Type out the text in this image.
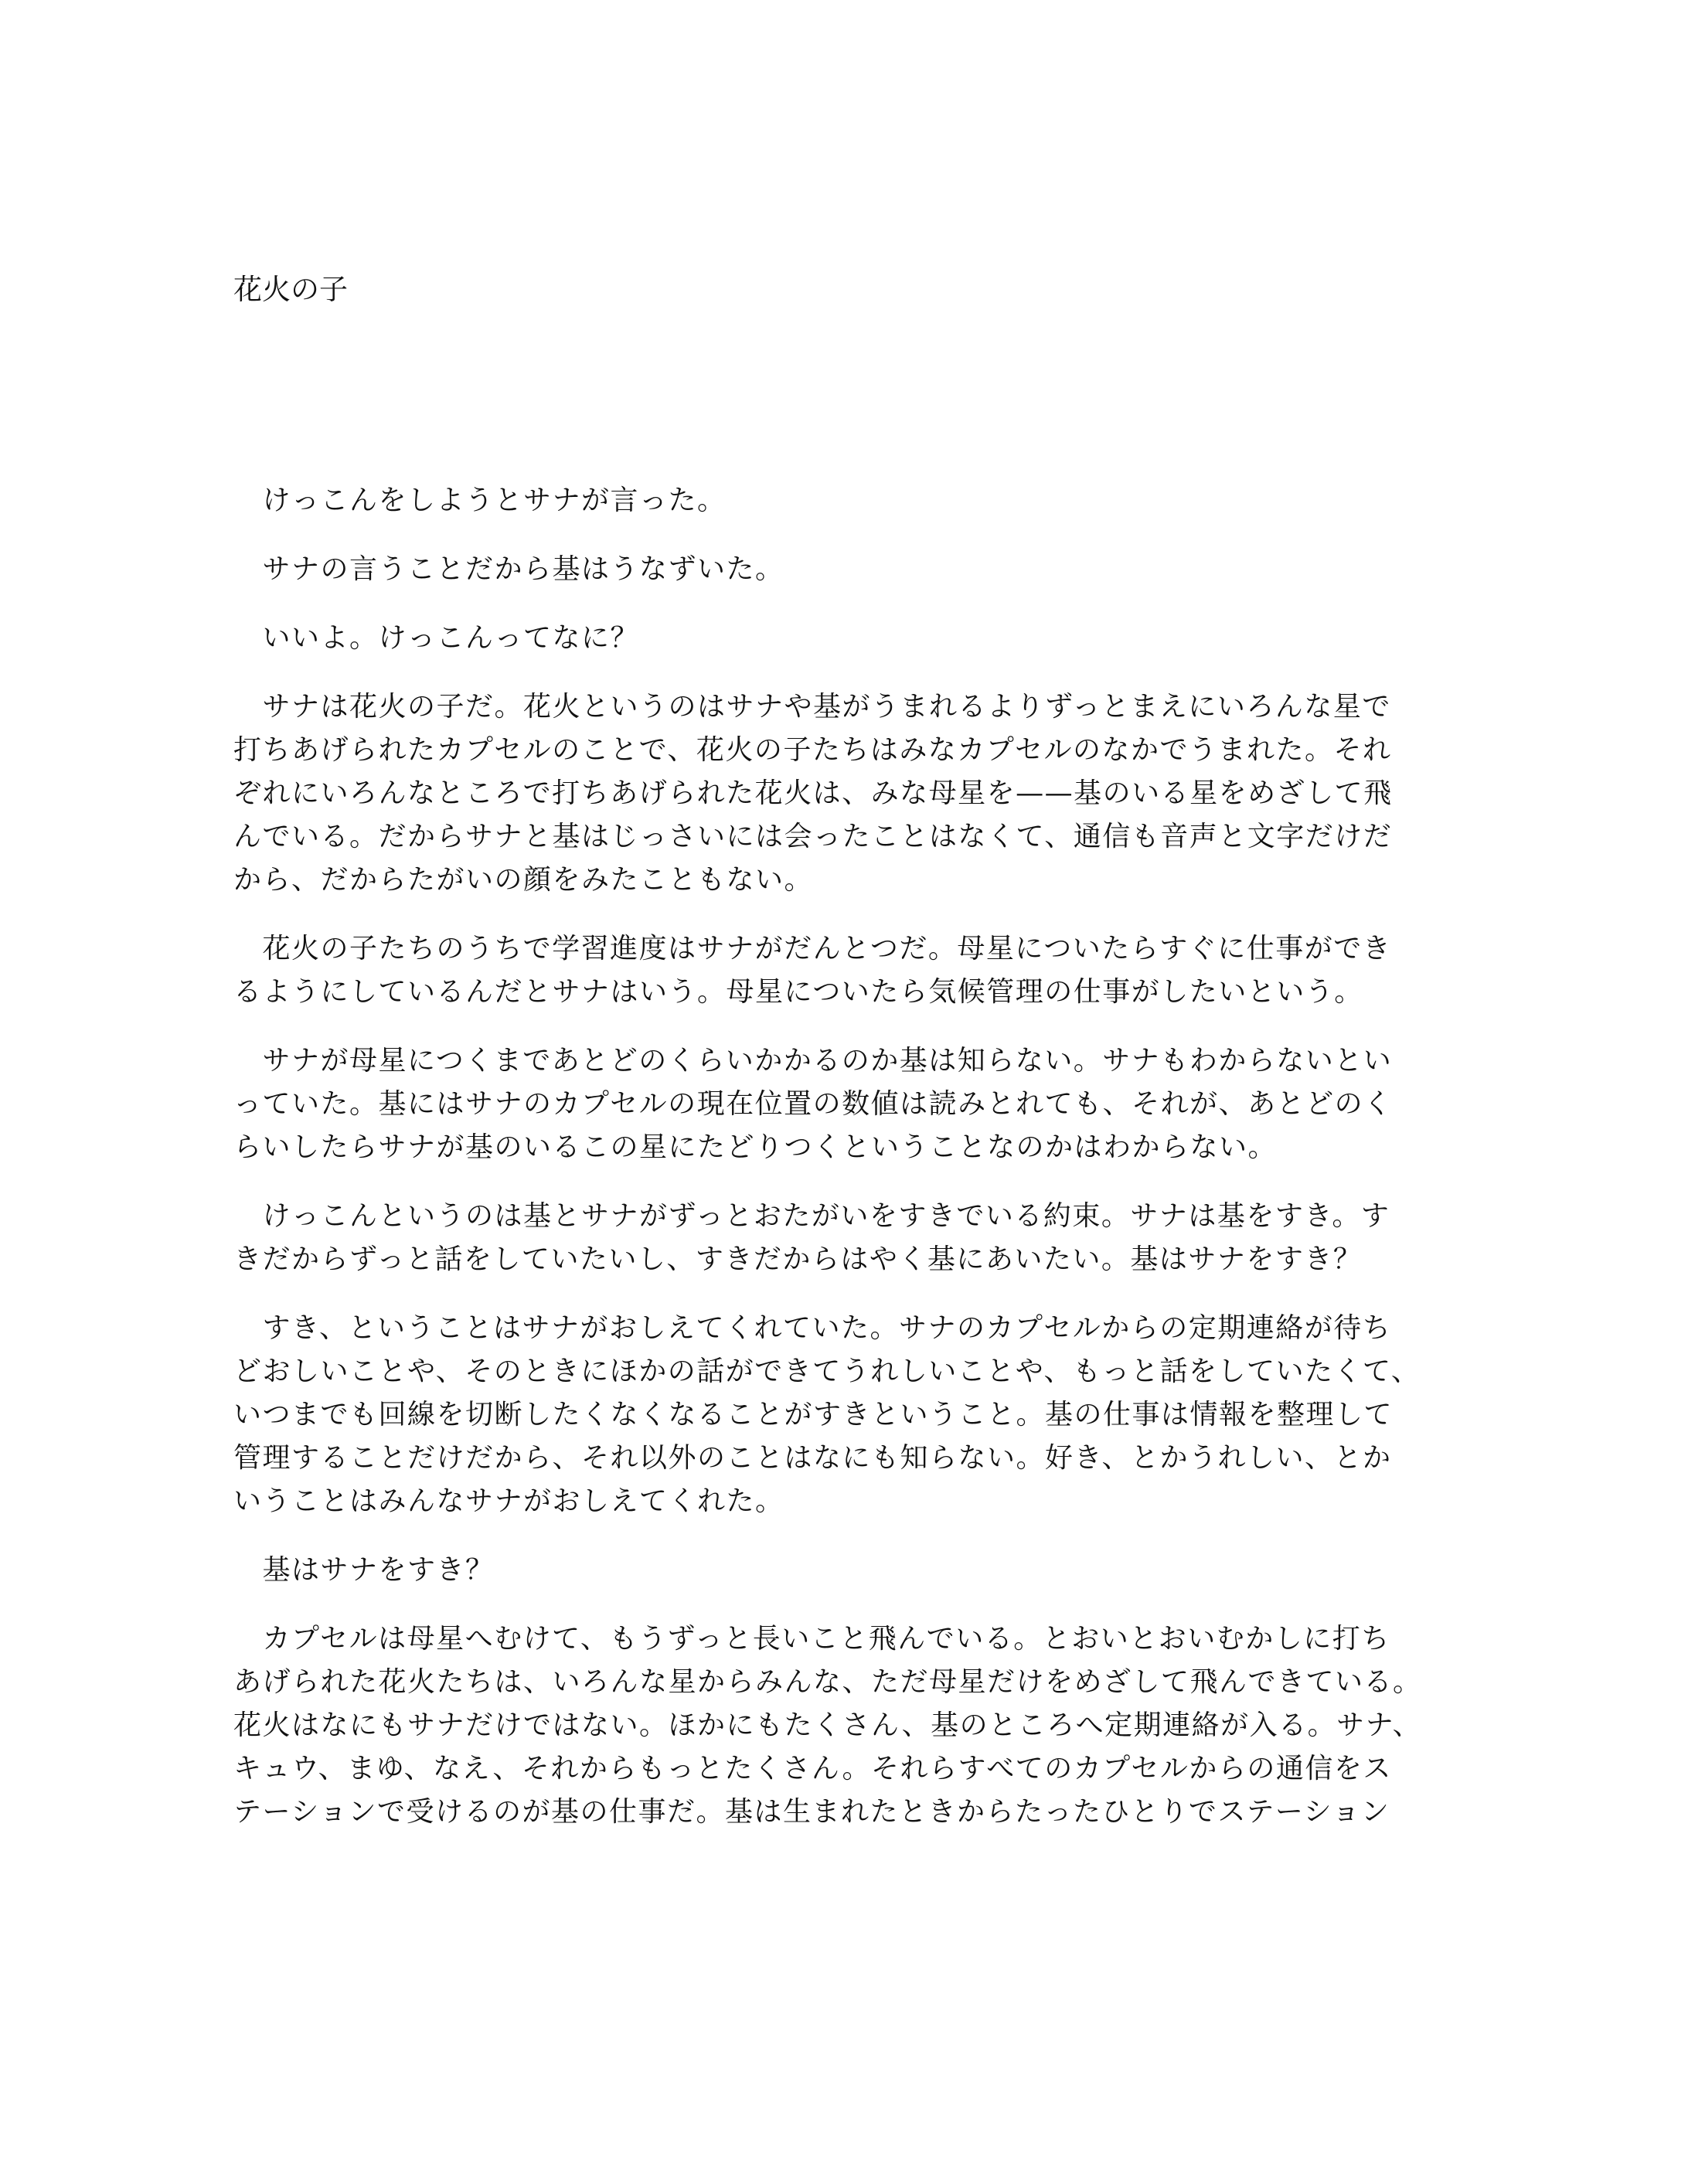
花火の子

　けっこんをしようとサナが言った。

　サナの言うことだから基はうなずいた。

　いいよ。けっこんってなに？

　サナは花火の子だ。花火というのはサナや基がうまれるよりずっとまえにいろんな星で
打ちあげられたカプセルのことで、花火の子たちはみなカプセルのなかでうまれた。それ
ぞれにいろんなところで打ちあげられた花火は、みな母星を——基のいる星をめざして飛
んでいる。だからサナと基はじっさいには会ったことはなくて、通信も音声と文字だけだ
から、だからたがいの顔をみたこともない。

　花火の子たちのうちで学習進度はサナがだんとつだ。母星についたらすぐに仕事ができ
るようにしているんだとサナはいう。母星についたら気候管理の仕事がしたいという。

　サナが母星につくまであとどのくらいかかるのか基は知らない。サナもわからないとい
っていた。基にはサナのカプセルの現在位置の数値は読みとれても、それが、あとどのく
らいしたらサナが基のいるこの星にたどりつくということなのかはわからない。

　けっこんというのは基とサナがずっとおたがいをすきでいる約束。サナは基をすき。す
きだからずっと話をしていたいし、すきだからはやく基にあいたい。基はサナをすき？

　すき、ということはサナがおしえてくれていた。サナのカプセルからの定期連絡が待ち
どおしいことや、そのときにほかの話ができてうれしいことや、もっと話をしていたくて、
いつまでも回線を切断したくなくなることがすきということ。基の仕事は情報を整理して
管理することだけだから、それ以外のことはなにも知らない。好き、とかうれしい、とか
いうことはみんなサナがおしえてくれた。

　基はサナをすき？

　カプセルは母星へむけて、もうずっと長いこと飛んでいる。とおいとおいむかしに打ち
あげられた花火たちは、いろんな星からみんな、ただ母星だけをめざして飛んできている。
花火はなにもサナだけではない。ほかにもたくさん、基のところへ定期連絡が入る。サナ、
キュウ、まゆ、なえ、それからもっとたくさん。それらすべてのカプセルからの通信をス
テーションで受けるのが基の仕事だ。基は生まれたときからたったひとりでステーション
